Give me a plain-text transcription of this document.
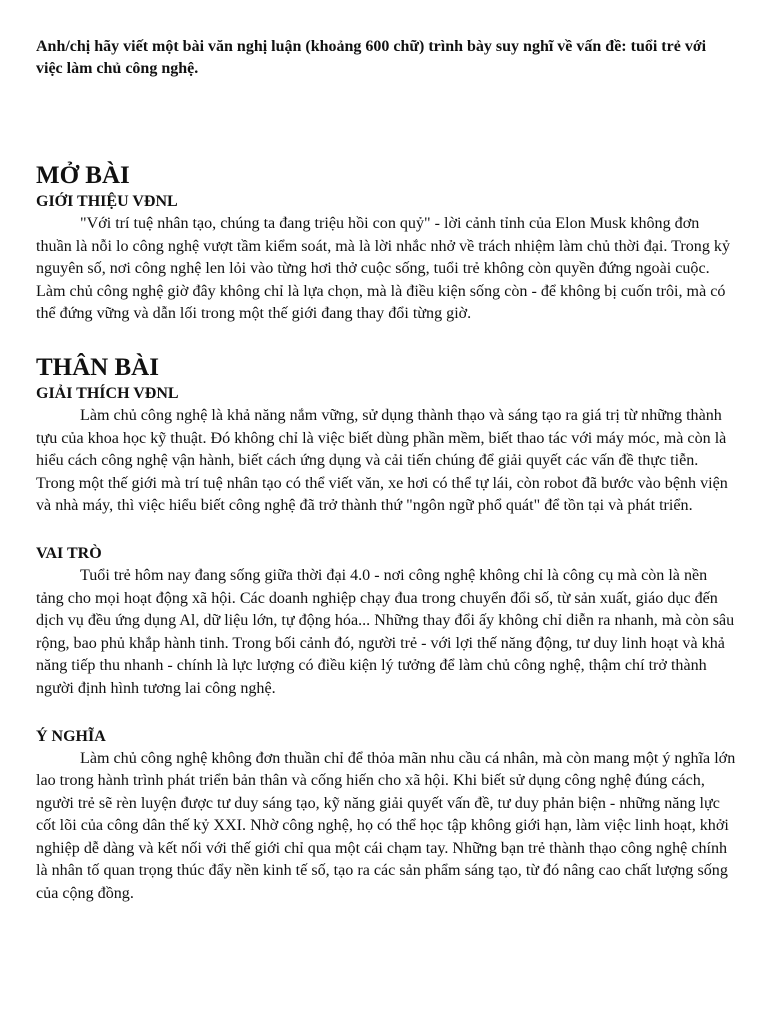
Anh/chị hãy viết một bài văn nghị luận (khoảng 600 chữ) trình bày suy nghĩ về vấn đề: tuổi trẻ với việc làm chủ công nghệ.

MỞ BÀI
GIỚI THIỆU VĐNL

"Với trí tuệ nhân tạo, chúng ta đang triệu hồi con quỷ" - lời cảnh tỉnh của Elon Musk không đơn thuần là nỗi lo công nghệ vượt tầm kiểm soát, mà là lời nhắc nhở về trách nhiệm làm chủ thời đại. Trong kỷ nguyên số, nơi công nghệ len lỏi vào từng hơi thở cuộc sống, tuổi trẻ không còn quyền đứng ngoài cuộc. Làm chủ công nghệ giờ đây không chỉ là lựa chọn, mà là điều kiện sống còn - để không bị cuốn trôi, mà có thể đứng vững và dẫn lối trong một thế giới đang thay đổi từng giờ.

THÂN BÀI
GIẢI THÍCH VĐNL

Làm chủ công nghệ là khả năng nắm vững, sử dụng thành thạo và sáng tạo ra giá trị từ những thành tựu của khoa học kỹ thuật. Đó không chỉ là việc biết dùng phần mềm, biết thao tác với máy móc, mà còn là hiểu cách công nghệ vận hành, biết cách ứng dụng và cải tiến chúng để giải quyết các vấn đề thực tiễn. Trong một thế giới mà trí tuệ nhân tạo có thể viết văn, xe hơi có thể tự lái, còn robot đã bước vào bệnh viện và nhà máy, thì việc hiểu biết công nghệ đã trở thành thứ "ngôn ngữ phổ quát" để tồn tại và phát triển.

VAI TRÒ

Tuổi trẻ hôm nay đang sống giữa thời đại 4.0 - nơi công nghệ không chỉ là công cụ mà còn là nền tảng cho mọi hoạt động xã hội. Các doanh nghiệp chạy đua trong chuyển đổi số, từ sản xuất, giáo dục đến dịch vụ đều ứng dụng Al, dữ liệu lớn, tự động hóa... Những thay đổi ấy không chỉ diễn ra nhanh, mà còn sâu rộng, bao phủ khắp hành tinh. Trong bối cảnh đó, người trẻ - với lợi thế năng động, tư duy linh hoạt và khả năng tiếp thu nhanh - chính là lực lượng có điều kiện lý tưởng để làm chủ công nghệ, thậm chí trở thành người định hình tương lai công nghệ.

Ý NGHĨA

Làm chủ công nghệ không đơn thuần chỉ để thỏa mãn nhu cầu cá nhân, mà còn mang một ý nghĩa lớn lao trong hành trình phát triển bản thân và cống hiến cho xã hội. Khi biết sử dụng công nghệ đúng cách, người trẻ sẽ rèn luyện được tư duy sáng tạo, kỹ năng giải quyết vấn đề, tư duy phản biện - những năng lực cốt lõi của công dân thế kỷ XXI. Nhờ công nghệ, họ có thể học tập không giới hạn, làm việc linh hoạt, khởi nghiệp dễ dàng và kết nối với thế giới chỉ qua một cái chạm tay. Những bạn trẻ thành thạo công nghệ chính là nhân tố quan trọng thúc đẩy nền kinh tế số, tạo ra các sản phẩm sáng tạo, từ đó nâng cao chất lượng sống của cộng đồng.
